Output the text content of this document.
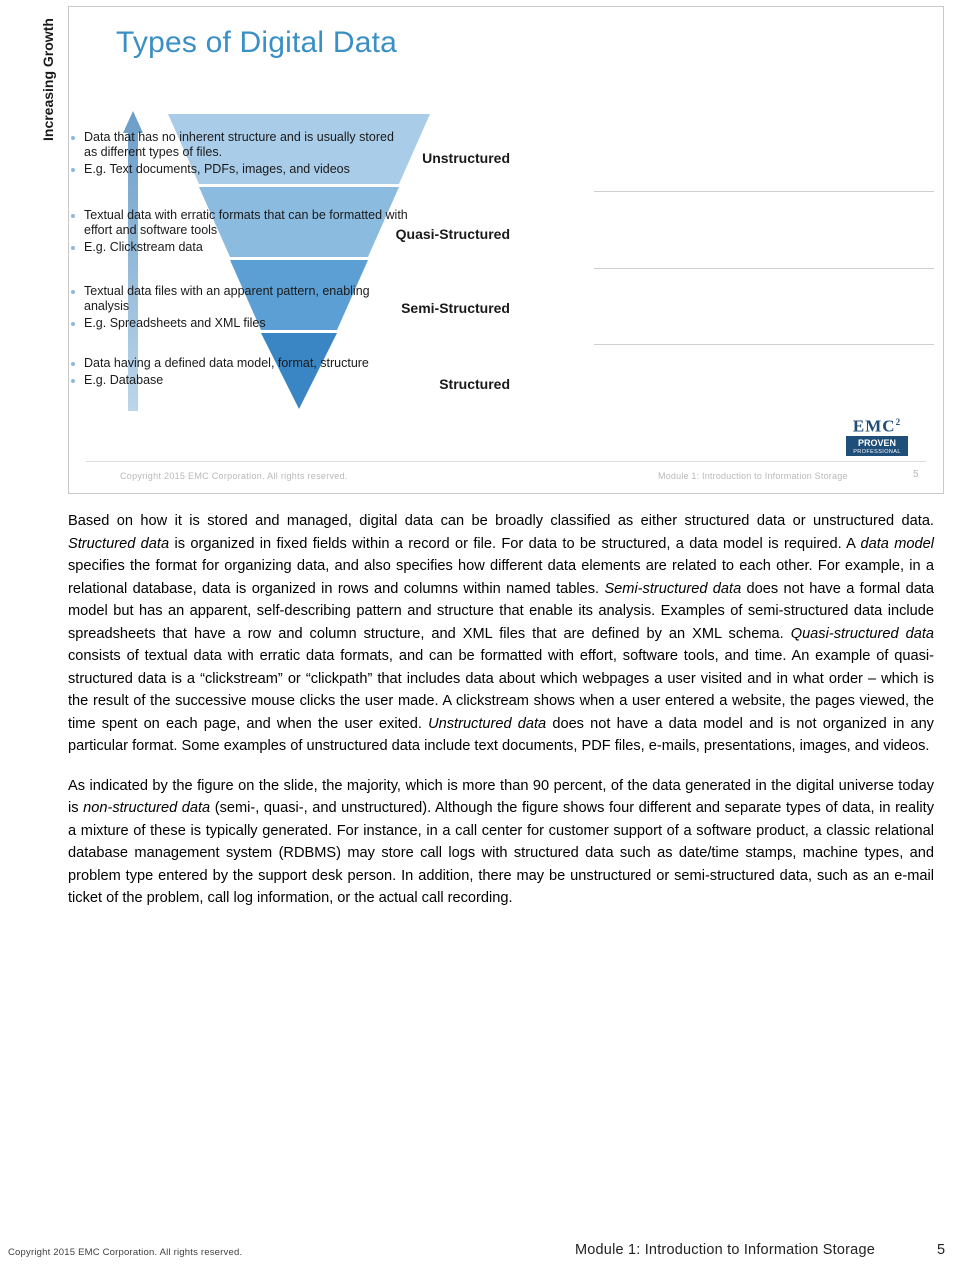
Types of Digital Data
Increasing Growth
Unstructured
Quasi-Structured
Semi-Structured
Structured
Data that has no inherent structure and is usually stored as different types of files.
E.g. Text documents, PDFs, images, and videos
Textual data with erratic formats that can be formatted with effort and software tools
E.g. Clickstream data
Textual data files with an apparent pattern, enabling analysis
E.g. Spreadsheets and XML files
Data having a defined data model, format, structure
E.g. Database
EMC$^2$
PROVEN
PROFESSIONAL
Copyright 2015 EMC Corporation. All rights reserved.	Module 1: Introduction to Information Storage	5

Based on how it is stored and managed, digital data can be broadly classified as either structured data or unstructured data. Structured data is organized in fixed fields within a record or file. For data to be structured, a data model is required. A data model specifies the format for organizing data, and also specifies how different data elements are related to each other. For example, in a relational database, data is organized in rows and columns within named tables. Semi-structured data does not have a formal data model but has an apparent, self-describing pattern and structure that enable its analysis. Examples of semi-structured data include spreadsheets that have a row and column structure, and XML files that are defined by an XML schema. Quasi-structured data consists of textual data with erratic data formats, and can be formatted with effort, software tools, and time. An example of quasi-structured data is a “clickstream” or “clickpath” that includes data about which webpages a user visited and in what order – which is the result of the successive mouse clicks the user made. A clickstream shows when a user entered a website, the pages viewed, the time spent on each page, and when the user exited. Unstructured data does not have a data model and is not organized in any particular format. Some examples of unstructured data include text documents, PDF files, e-mails, presentations, images, and videos.

As indicated by the figure on the slide, the majority, which is more than 90 percent, of the data generated in the digital universe today is non-structured data (semi-, quasi-, and unstructured). Although the figure shows four different and separate types of data, in reality a mixture of these is typically generated. For instance, in a call center for customer support of a software product, a classic relational database management system (RDBMS) may store call logs with structured data such as date/time stamps, machine types, and problem type entered by the support desk person. In addition, there may be unstructured or semi-structured data, such as an e-mail ticket of the problem, call log information, or the actual call recording.

Copyright 2015 EMC Corporation. All rights reserved.	Module 1: Introduction to Information Storage	5
